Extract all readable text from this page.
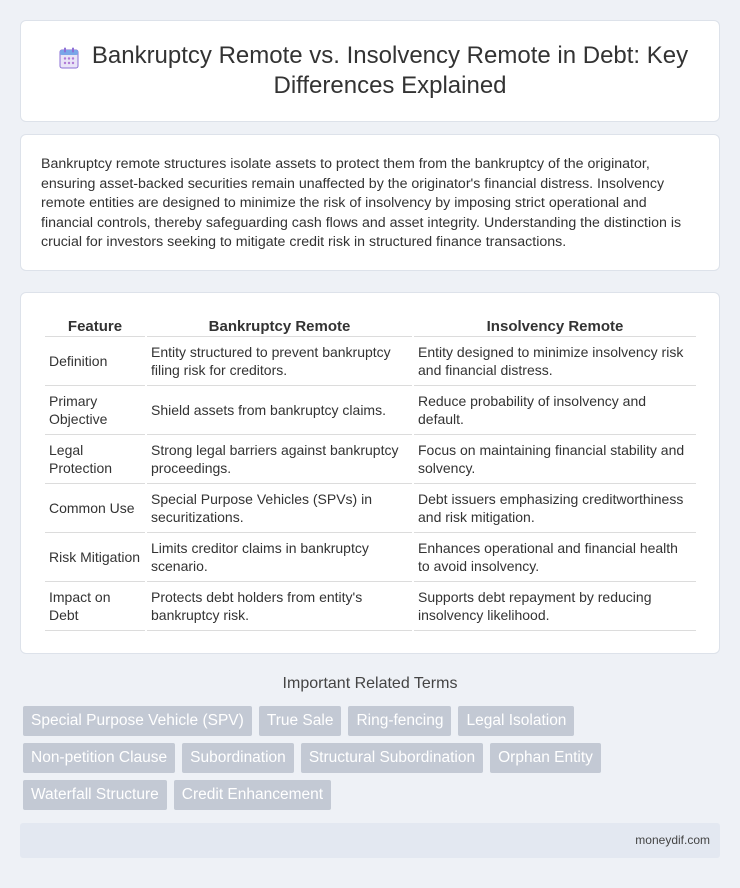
Bankruptcy Remote vs. Insolvency Remote in Debt: Key Differences Explained

Bankruptcy remote structures isolate assets to protect them from the bankruptcy of the originator, ensuring asset-backed securities remain unaffected by the originator's financial distress. Insolvency remote entities are designed to minimize the risk of insolvency by imposing strict operational and financial controls, thereby safeguarding cash flows and asset integrity. Understanding the distinction is crucial for investors seeking to mitigate credit risk in structured finance transactions.

Feature	Bankruptcy Remote	Insolvency Remote
Definition	Entity structured to prevent bankruptcy filing risk for creditors.	Entity designed to minimize insolvency risk and financial distress.
Primary Objective	Shield assets from bankruptcy claims.	Reduce probability of insolvency and default.
Legal Protection	Strong legal barriers against bankruptcy proceedings.	Focus on maintaining financial stability and solvency.
Common Use	Special Purpose Vehicles (SPVs) in securitizations.	Debt issuers emphasizing creditworthiness and risk mitigation.
Risk Mitigation	Limits creditor claims in bankruptcy scenario.	Enhances operational and financial health to avoid insolvency.
Impact on Debt	Protects debt holders from entity's bankruptcy risk.	Supports debt repayment by reducing insolvency likelihood.
Important Related Terms
Special Purpose Vehicle (SPV)	True Sale	Ring-fencing	Legal Isolation
Non-petition Clause	Subordination	Structural Subordination	Orphan Entity
Waterfall Structure	Credit Enhancement
moneydif.com
